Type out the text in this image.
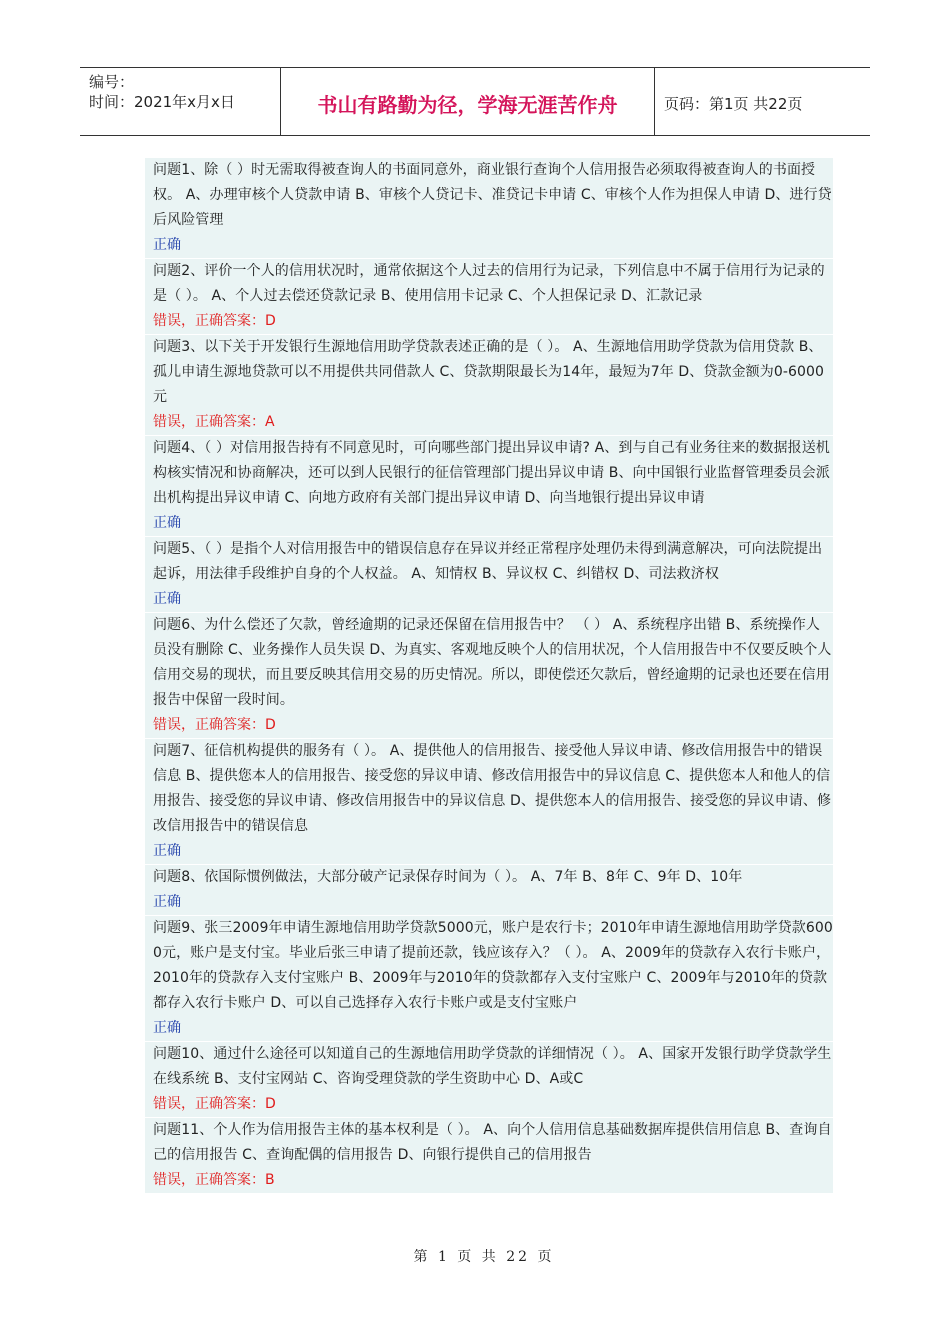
编号：
时间：2021年x月x日	书山有路勤为径，学海无涯苦作舟	页码：第1页 共22页
问题1、除（ ）时无需取得被查询人的书面同意外，商业银行查询个人信用报告必须取得被查询人的书面授权。 A、办理审核个人贷款申请 B、审核个人贷记卡、准贷记卡申请 C、审核个人作为担保人申请 D、进行贷后风险管理
正确
问题2、评价一个人的信用状况时，通常依据这个人过去的信用行为记录，下列信息中不属于信用行为记录的是（ ）。 A、个人过去偿还贷款记录 B、使用信用卡记录 C、个人担保记录 D、汇款记录
错误，正确答案：D
问题3、以下关于开发银行生源地信用助学贷款表述正确的是（ ）。 A、生源地信用助学贷款为信用贷款 B、孤儿申请生源地贷款可以不用提供共同借款人 C、贷款期限最长为14年，最短为7年 D、贷款金额为0-6000元
错误，正确答案：A
问题4、（ ）对信用报告持有不同意见时，可向哪些部门提出异议申请? A、到与自己有业务往来的数据报送机构核实情况和协商解决，还可以到人民银行的征信管理部门提出异议申请 B、向中国银行业监督管理委员会派出机构提出异议申请 C、向地方政府有关部门提出异议申请 D、向当地银行提出异议申请
正确
问题5、（ ）是指个人对信用报告中的错误信息存在异议并经正常程序处理仍未得到满意解决，可向法院提出起诉，用法律手段维护自身的个人权益。 A、知情权 B、异议权 C、纠错权 D、司法救济权
正确
问题6、为什么偿还了欠款，曾经逾期的记录还保留在信用报告中？ （ ） A、系统程序出错 B、系统操作人员没有删除 C、业务操作人员失误 D、为真实、客观地反映个人的信用状况，个人信用报告中不仅要反映个人信用交易的现状，而且要反映其信用交易的历史情况。所以，即使偿还欠款后，曾经逾期的记录也还要在信用报告中保留一段时间。
错误，正确答案：D
问题7、征信机构提供的服务有（ ）。 A、提供他人的信用报告、接受他人异议申请、修改信用报告中的错误信息 B、提供您本人的信用报告、接受您的异议申请、修改信用报告中的异议信息 C、提供您本人和他人的信用报告、接受您的异议申请、修改信用报告中的异议信息 D、提供您本人的信用报告、接受您的异议申请、修改信用报告中的错误信息
正确
问题8、依国际惯例做法，大部分破产记录保存时间为（ ）。 A、7年 B、8年 C、9年 D、10年
正确
问题9、张三2009年申请生源地信用助学贷款5000元，账户是农行卡；2010年申请生源地信用助学贷款6000元，账户是支付宝。毕业后张三申请了提前还款，钱应该存入？（ ）。 A、2009年的贷款存入农行卡账户，2010年的贷款存入支付宝账户 B、2009年与2010年的贷款都存入支付宝账户 C、2009年与2010年的贷款都存入农行卡账户 D、可以自己选择存入农行卡账户或是支付宝账户
正确
问题10、通过什么途径可以知道自己的生源地信用助学贷款的详细情况（ ）。 A、国家开发银行助学贷款学生在线系统 B、支付宝网站 C、咨询受理贷款的学生资助中心 D、A或C
错误，正确答案：D
问题11、个人作为信用报告主体的基本权利是（ ）。 A、向个人信用信息基础数据库提供信用信息 B、查询自己的信用报告 C、查询配偶的信用报告 D、向银行提供自己的信用报告
错误，正确答案：B
第 1 页 共 22 页
